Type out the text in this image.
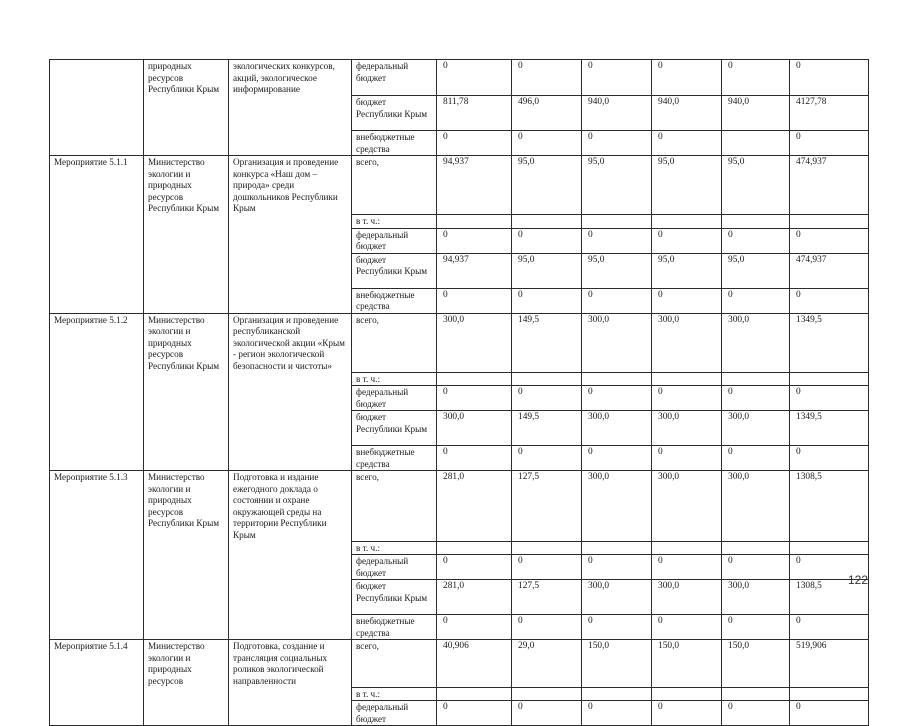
	природных ресурсов Республики Крым	экологических конкурсов, акций, экологическое информирование	федеральный бюджет	0	0	0	0	0	0
			бюджет Республики Крым	811,78	496,0	940,0	940,0	940,0	4127,78
			внебюджетные средства	0	0	0	0		0
Мероприятие 5.1.1	Министерство экологии и природных ресурсов Республики Крым	Организация и проведение конкурса «Наш дом – природа» среди дошкольников Республики Крым	всего,	94,937	95,0	95,0	95,0	95,0	474,937
			в т. ч.:						
			федеральный бюджет	0	0	0	0	0	0
			бюджет Республики Крым	94,937	95,0	95,0	95,0	95,0	474,937
			внебюджетные средства	0	0	0	0	0	0
Мероприятие 5.1.2	Министерство экологии и природных ресурсов Республики Крым	Организация и проведение республиканской экологической акции «Крым - регион экологической безопасности и чистоты»	всего,	300,0	149,5	300,0	300,0	300,0	1349,5
			в т. ч.:						
			федеральный бюджет	0	0	0	0	0	0
			бюджет Республики Крым	300,0	149,5	300,0	300,0	300,0	1349,5
			внебюджетные средства	0	0	0	0	0	0
Мероприятие 5.1.3	Министерство экологии и природных ресурсов Республики Крым	Подготовка и издание ежегодного доклада о состоянии и охране окружающей среды на территории Республики Крым	всего,	281,0	127,5	300,0	300,0	300,0	1308,5
			в т. ч.:						
			федеральный бюджет	0	0	0	0	0	0
			бюджет Республики Крым	281,0	127,5	300,0	300,0	300,0	1308,5
			внебюджетные средства	0	0	0	0	0	0
Мероприятие 5.1.4	Министерство экологии и природных ресурсов	Подготовка, создание и трансляция социальных роликов экологической направленности	всего,	40,906	29,0	150,0	150,0	150,0	519,906
			в т. ч.:						
			федеральный бюджет	0	0	0	0	0	0
122
